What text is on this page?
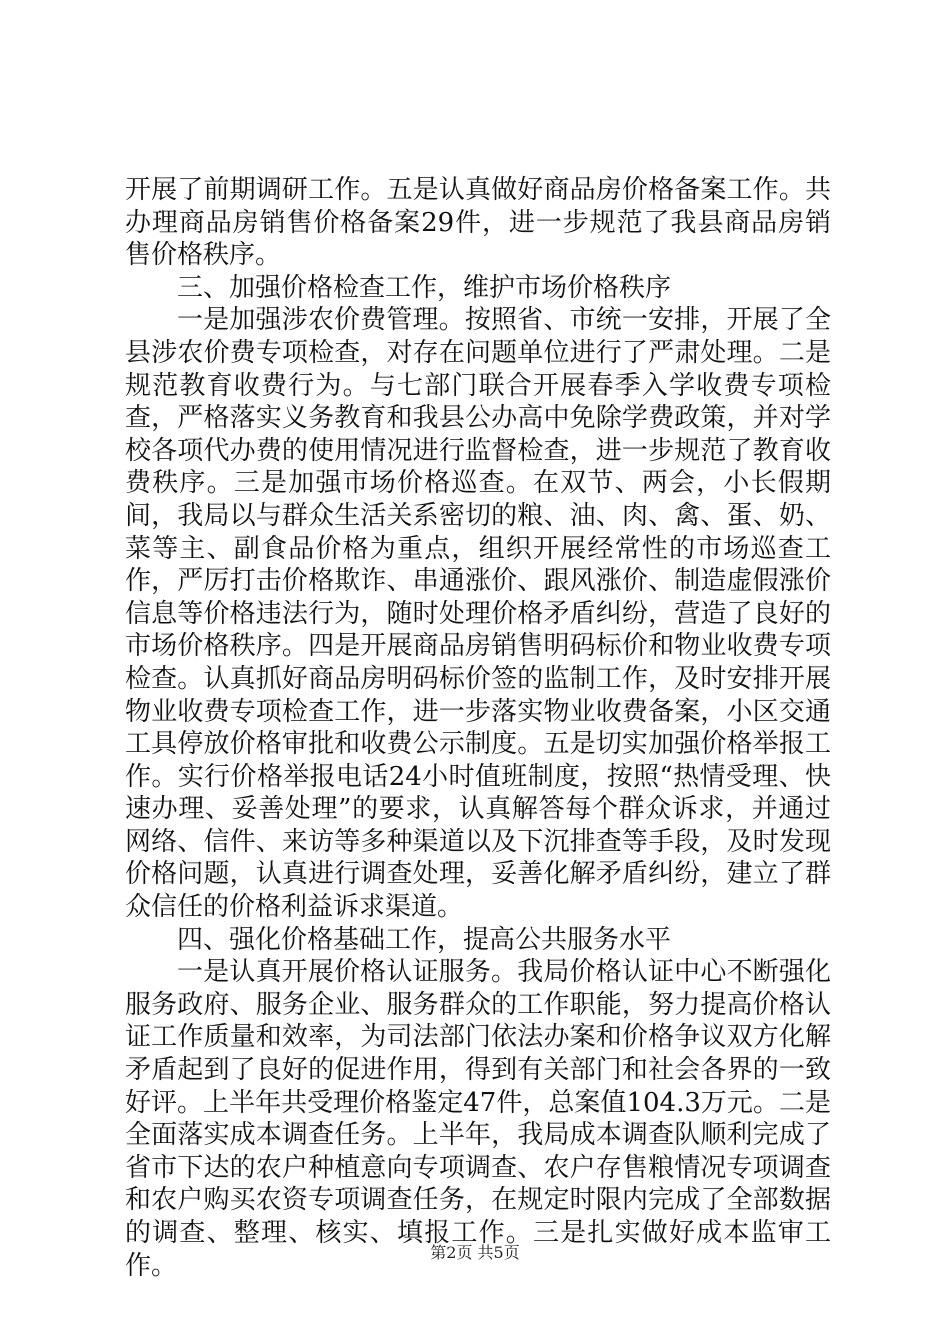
开展了前期调研工作。五是认真做好商品房价格备案工作。共办理商品房销售价格备案29件，进一步规范了我县商品房销售价格秩序。

三、加强价格检查工作，维护市场价格秩序

一是加强涉农价费管理。按照省、市统一安排，开展了全县涉农价费专项检查，对存在问题单位进行了严肃处理。二是规范教育收费行为。与七部门联合开展春季入学收费专项检查，严格落实义务教育和我县公办高中免除学费政策，并对学校各项代办费的使用情况进行监督检查，进一步规范了教育收费秩序。三是加强市场价格巡查。在双节、两会，小长假期间，我局以与群众生活关系密切的粮、油、肉、禽、蛋、奶、菜等主、副食品价格为重点，组织开展经常性的市场巡查工作，严厉打击价格欺诈、串通涨价、跟风涨价、制造虚假涨价信息等价格违法行为，随时处理价格矛盾纠纷，营造了良好的市场价格秩序。四是开展商品房销售明码标价和物业收费专项检查。认真抓好商品房明码标价签的监制工作，及时安排开展物业收费专项检查工作，进一步落实物业收费备案，小区交通工具停放价格审批和收费公示制度。五是切实加强价格举报工作。实行价格举报电话24小时值班制度，按照“热情受理、快速办理、妥善处理”的要求，认真解答每个群众诉求，并通过网络、信件、来访等多种渠道以及下沉排查等手段，及时发现价格问题，认真进行调查处理，妥善化解矛盾纠纷，建立了群众信任的价格利益诉求渠道。

四、强化价格基础工作，提高公共服务水平

一是认真开展价格认证服务。我局价格认证中心不断强化服务政府、服务企业、服务群众的工作职能，努力提高价格认证工作质量和效率，为司法部门依法办案和价格争议双方化解矛盾起到了良好的促进作用，得到有关部门和社会各界的一致好评。上半年共受理价格鉴定47件，总案值104.3万元。二是全面落实成本调查任务。上半年，我局成本调查队顺利完成了省市下达的农户种植意向专项调查、农户存售粮情况专项调查和农户购买农资专项调查任务，在规定时限内完成了全部数据的调查、整理、核实、填报工作。三是扎实做好成本监审工作。	第2页 共5页
